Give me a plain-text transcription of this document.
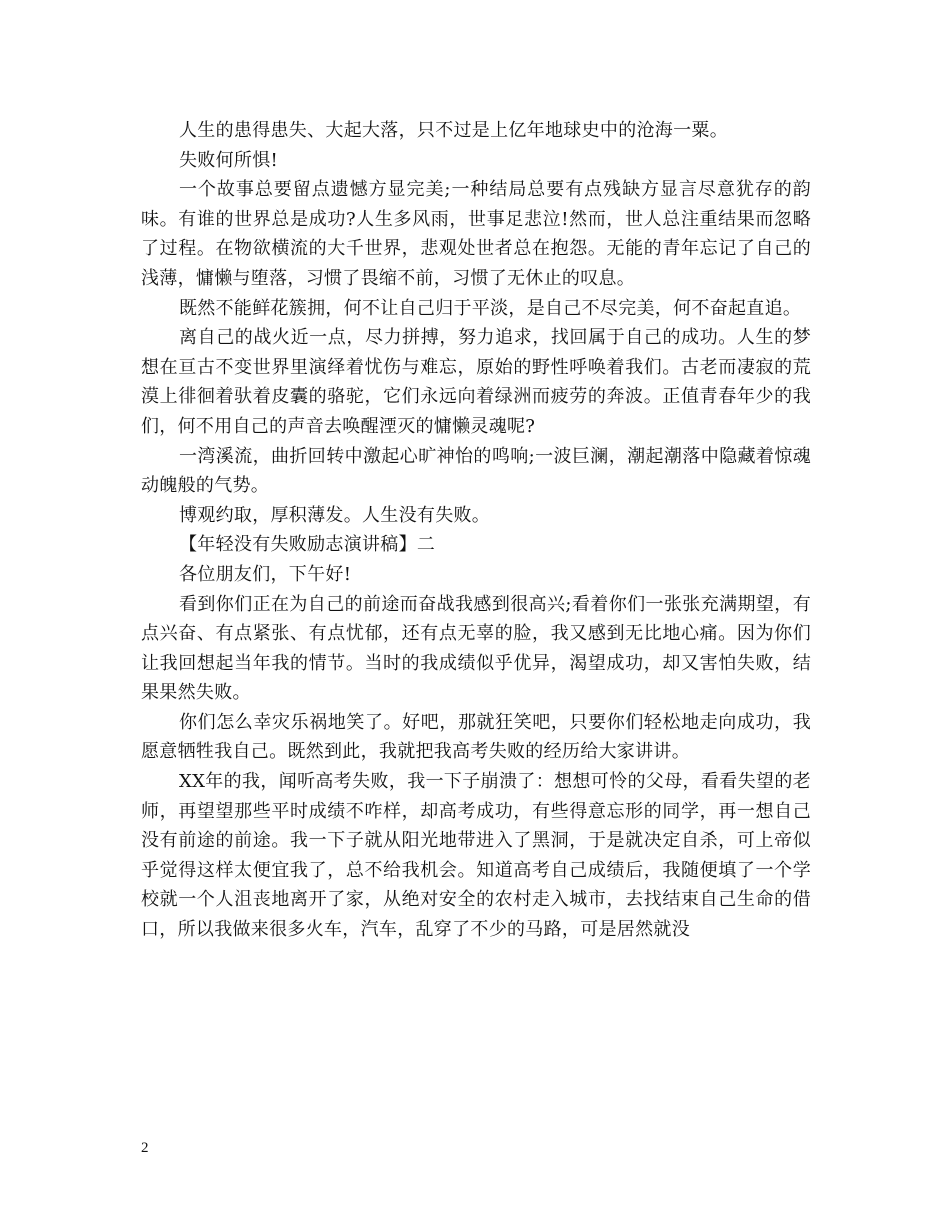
人生的患得患失、大起大落，只不过是上亿年地球史中的沧海一粟。

失败何所惧!

一个故事总要留点遗憾方显完美;一种结局总要有点残缺方显言尽意犹存的韵味。有谁的世界总是成功?人生多风雨，世事足悲泣!然而，世人总注重结果而忽略了过程。在物欲横流的大千世界，悲观处世者总在抱怨。无能的青年忘记了自己的浅薄，慵懒与堕落，习惯了畏缩不前，习惯了无休止的叹息。

既然不能鲜花簇拥，何不让自己归于平淡，是自己不尽完美，何不奋起直追。

离自己的战火近一点，尽力拼搏，努力追求，找回属于自己的成功。人生的梦想在亘古不变世界里演绎着忧伤与难忘，原始的野性呼唤着我们。古老而凄寂的荒漠上徘徊着驮着皮囊的骆驼，它们永远向着绿洲而疲劳的奔波。正值青春年少的我们，何不用自己的声音去唤醒湮灭的慵懒灵魂呢?

一湾溪流，曲折回转中激起心旷神怡的鸣响;一波巨澜，潮起潮落中隐藏着惊魂动魄般的气势。

博观约取，厚积薄发。人生没有失败。

【年轻没有失败励志演讲稿】二

各位朋友们，下午好!

看到你们正在为自己的前途而奋战我感到很高兴;看着你们一张张充满期望，有点兴奋、有点紧张、有点忧郁，还有点无辜的脸，我又感到无比地心痛。因为你们让我回想起当年我的情节。当时的我成绩似乎优异，渴望成功，却又害怕失败，结果果然失败。

你们怎么幸灾乐祸地笑了。好吧，那就狂笑吧，只要你们轻松地走向成功，我愿意牺牲我自己。既然到此，我就把我高考失败的经历给大家讲讲。

XX年的我，闻听高考失败，我一下子崩溃了：想想可怜的父母，看看失望的老师，再望望那些平时成绩不咋样，却高考成功，有些得意忘形的同学，再一想自己没有前途的前途。我一下子就从阳光地带进入了黑洞，于是就决定自杀，可上帝似乎觉得这样太便宜我了，总不给我机会。知道高考自己成绩后，我随便填了一个学校就一个人沮丧地离开了家，从绝对安全的农村走入城市，去找结束自己生命的借口，所以我做来很多火车，汽车，乱穿了不少的马路，可是居然就没

2
